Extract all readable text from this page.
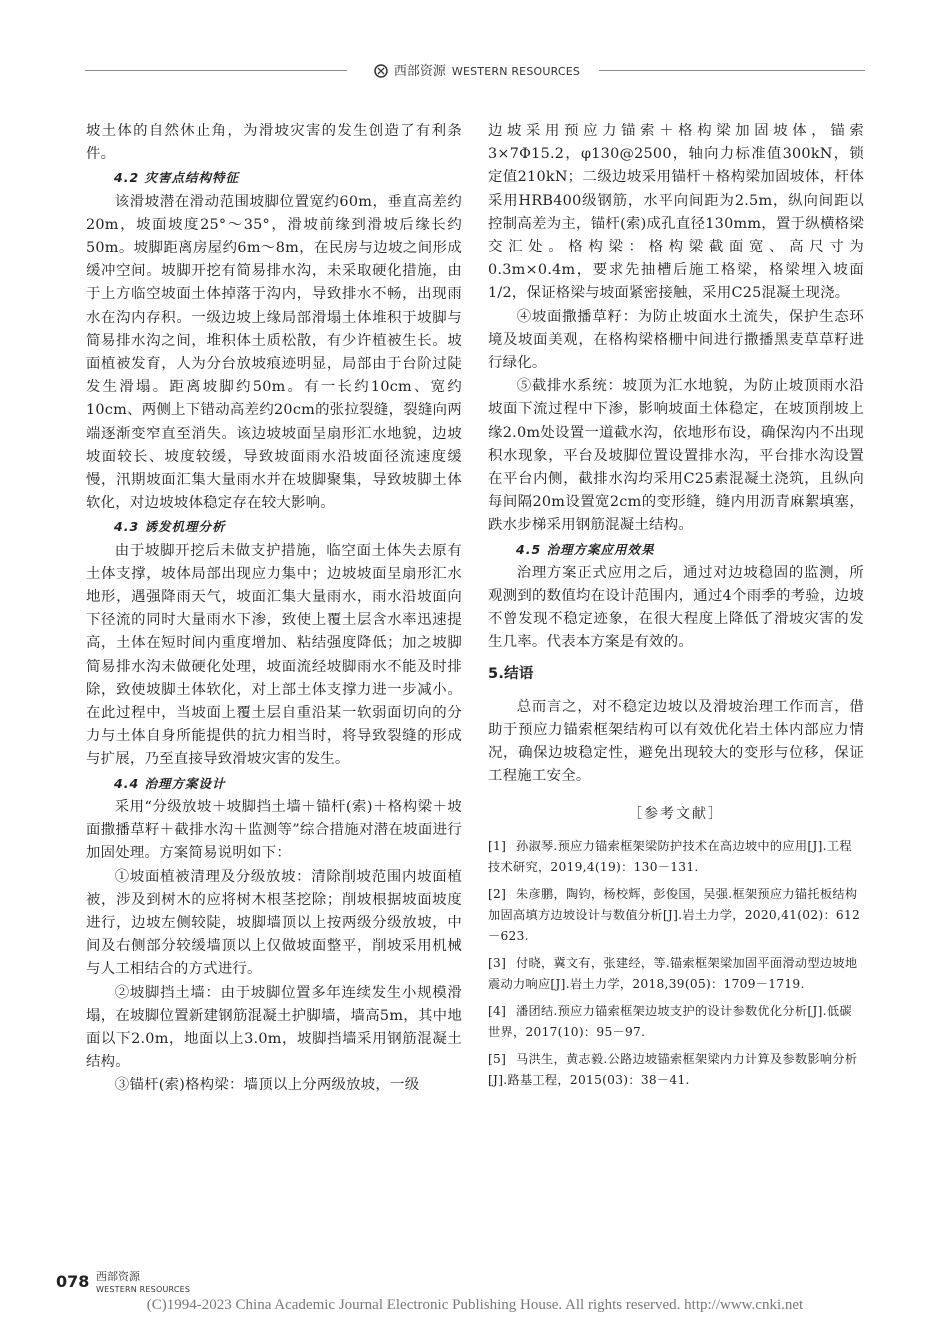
西部资源 WESTERN RESOURCES

坡土体的自然休止角，为滑坡灾害的发生创造了有利条件。

4.2 灾害点结构特征

该滑坡潜在滑动范围坡脚位置宽约60m，垂直高差约20m，坡面坡度25°～35°，滑坡前缘到滑坡后缘长约50m。坡脚距离房屋约6m～8m，在民房与边坡之间形成缓冲空间。坡脚开挖有简易排水沟，未采取硬化措施，由于上方临空坡面土体掉落于沟内，导致排水不畅，出现雨水在沟内存积。一级边坡上缘局部滑塌土体堆积于坡脚与简易排水沟之间，堆积体土质松散，有少许植被生长。坡面植被发育，人为分台放坡痕迹明显，局部由于台阶过陡发生滑塌。距离坡脚约50m。有一长约10cm、宽约10cm、两侧上下错动高差约20cm的张拉裂缝，裂缝向两端逐渐变窄直至消失。该边坡坡面呈扇形汇水地貌，边坡坡面较长、坡度较缓，导致坡面雨水沿坡面径流速度缓慢，汛期坡面汇集大量雨水并在坡脚聚集，导致坡脚土体软化，对边坡坡体稳定存在较大影响。

4.3 诱发机理分析

由于坡脚开挖后未做支护措施，临空面土体失去原有土体支撑，坡体局部出现应力集中；边坡坡面呈扇形汇水地形，遇强降雨天气，坡面汇集大量雨水，雨水沿坡面向下径流的同时大量雨水下渗，致使上覆土层含水率迅速提高，土体在短时间内重度增加、粘结强度降低；加之坡脚简易排水沟未做硬化处理，坡面流经坡脚雨水不能及时排除，致使坡脚土体软化，对上部土体支撑力进一步减小。在此过程中，当坡面上覆土层自重沿某一软弱面切向的分力与土体自身所能提供的抗力相当时，将导致裂缝的形成与扩展，乃至直接导致滑坡灾害的发生。

4.4 治理方案设计

采用“分级放坡＋坡脚挡土墙＋锚杆(索)＋格构梁＋坡面撒播草籽＋截排水沟＋监测等”综合措施对潜在坡面进行加固处理。方案简易说明如下：

①坡面植被清理及分级放坡：清除削坡范围内坡面植被，涉及到树木的应将树木根茎挖除；削坡根据坡面坡度进行，边坡左侧较陡，坡脚墙顶以上按两级分级放坡，中间及右侧部分较缓墙顶以上仅做坡面整平，削坡采用机械与人工相结合的方式进行。

②坡脚挡土墙：由于坡脚位置多年连续发生小规模滑塌，在坡脚位置新建钢筋混凝土护脚墙，墙高5m，其中地面以下2.0m，地面以上3.0m，坡脚挡墙采用钢筋混凝土结构。

③锚杆(索)格构梁：墙顶以上分两级放坡，一级

边坡采用预应力锚索＋格构梁加固坡体，锚索3×7Φ15.2，φ130@2500，轴向力标准值300kN，锁定值210kN；二级边坡采用锚杆＋格构梁加固坡体，杆体采用HRB400级钢筋，水平向间距为2.5m，纵向间距以控制高差为主，锚杆(索)成孔直径130mm，置于纵横格梁交汇处。格构梁：格构梁截面宽、高尺寸为0.3m×0.4m，要求先抽槽后施工格梁，格梁埋入坡面1/2，保证格梁与坡面紧密接触，采用C25混凝土现浇。

④坡面撒播草籽：为防止坡面水土流失，保护生态环境及坡面美观，在格构梁格栅中间进行撒播黑麦草草籽进行绿化。

⑤截排水系统：坡顶为汇水地貌，为防止坡顶雨水沿坡面下流过程中下渗，影响坡面土体稳定，在坡顶削坡上缘2.0m处设置一道截水沟，依地形布设，确保沟内不出现积水现象，平台及坡脚位置设置排水沟，平台排水沟设置在平台内侧，截排水沟均采用C25素混凝土浇筑，且纵向每间隔20m设置宽2cm的变形缝，缝内用沥青麻絮填塞，跌水步梯采用钢筋混凝土结构。

4.5 治理方案应用效果

治理方案正式应用之后，通过对边坡稳固的监测，所观测到的数值均在设计范围内，通过4个雨季的考验，边坡不曾发现不稳定迹象，在很大程度上降低了滑坡灾害的发生几率。代表本方案是有效的。

5.结语

总而言之，对不稳定边坡以及滑坡治理工作而言，借助于预应力锚索框架结构可以有效优化岩土体内部应力情况，确保边坡稳定性，避免出现较大的变形与位移，保证工程施工安全。

［参考文献］
[1] 孙淑琴.预应力锚索框架梁防护技术在高边坡中的应用[J].工程技术研究，2019,4(19)：130－131.
[2] 朱彦鹏，陶钧，杨校辉，彭俊国，吴强.框架预应力锚托板结构加固高填方边坡设计与数值分析[J].岩土力学，2020,41(02)：612－623.
[3] 付晓，冀文有，张建经，等.锚索框架梁加固平面滑动型边坡地震动力响应[J].岩土力学，2018,39(05)：1709－1719.
[4] 潘团结.预应力锚索框架边坡支护的设计参数优化分析[J].低碳世界，2017(10)：95－97.
[5] 马洪生，黄志毅.公路边坡锚索框架梁内力计算及参数影响分析[J].路基工程，2015(03)：38－41.
078 西部资源
WESTERN RESOURCES
(C)1994-2023 China Academic Journal Electronic Publishing House. All rights reserved. http://www.cnki.net
